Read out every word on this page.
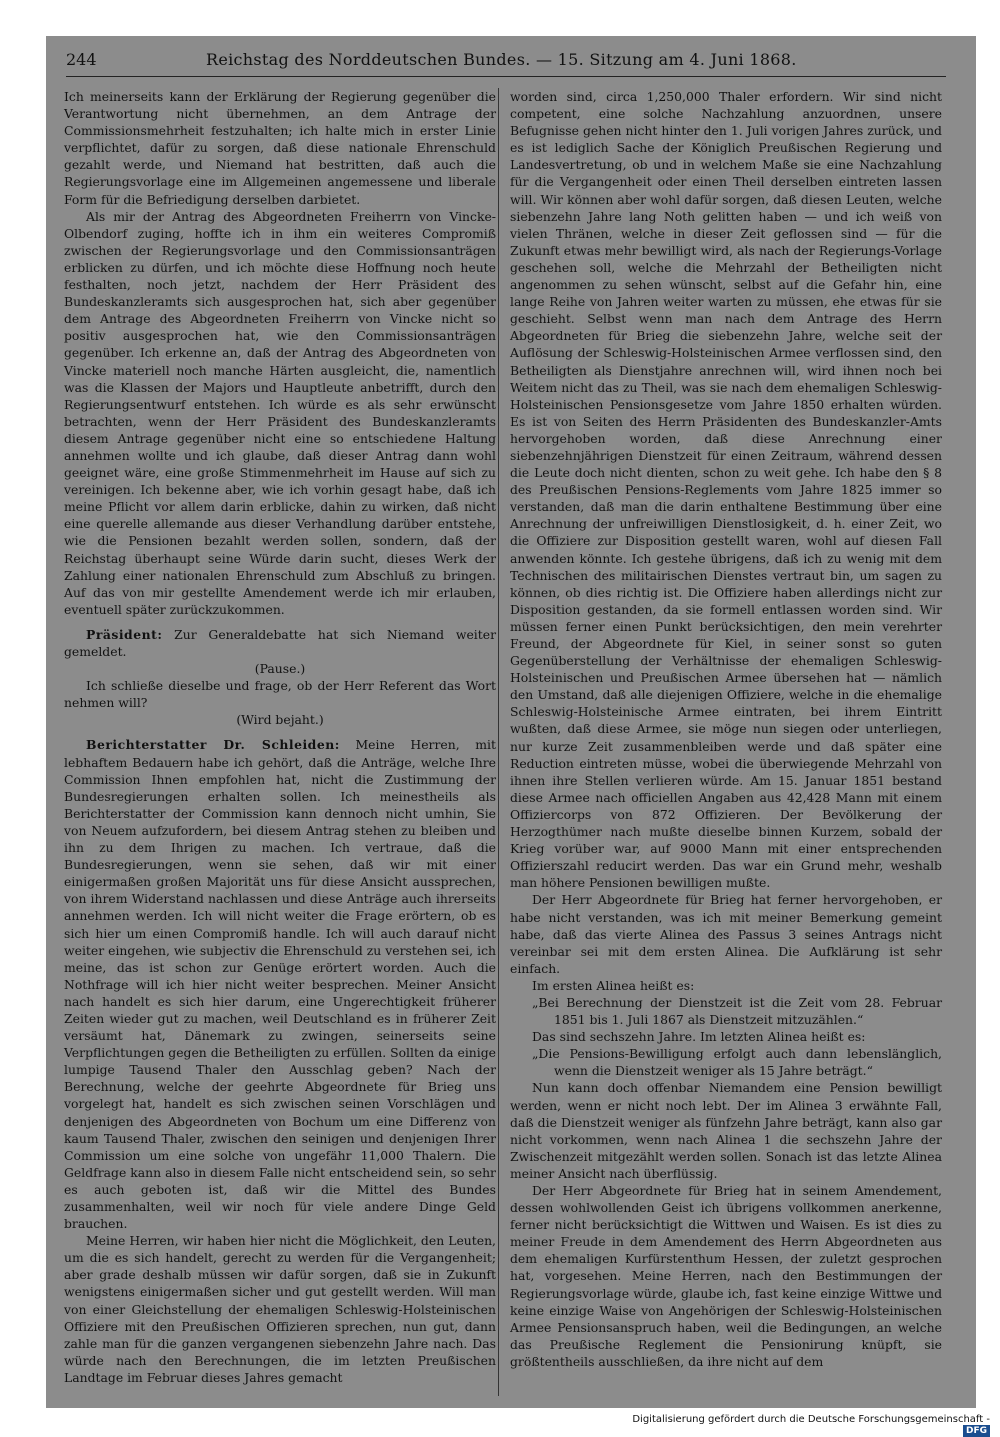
244	Reichstag des Norddeutschen Bundes. — 15. Sitzung am 4. Juni 1868.

Ich meinerseits kann der Erklärung der Regierung gegenüber die Verantwortung nicht übernehmen, an dem Antrage der Commissionsmehrheit festzuhalten; ich halte mich in erster Linie verpflichtet, dafür zu sorgen, daß diese nationale Ehrenschuld gezahlt werde, und Niemand hat bestritten, daß auch die Regierungsvorlage eine im Allgemeinen angemessene und liberale Form für die Befriedigung derselben darbietet.

Als mir der Antrag des Abgeordneten Freiherrn von Vincke-Olbendorf zuging, hoffte ich in ihm ein weiteres Compromiß zwischen der Regierungsvorlage und den Commissionsanträgen erblicken zu dürfen, und ich möchte diese Hoffnung noch heute festhalten, noch jetzt, nachdem der Herr Präsident des Bundeskanzleramts sich ausgesprochen hat, sich aber gegenüber dem Antrage des Abgeordneten Freiherrn von Vincke nicht so positiv ausgesprochen hat, wie den Commissionsanträgen gegenüber. Ich erkenne an, daß der Antrag des Abgeordneten von Vincke materiell noch manche Härten ausgleicht, die, namentlich was die Klassen der Majors und Hauptleute anbetrifft, durch den Regierungsentwurf entstehen. Ich würde es als sehr erwünscht betrachten, wenn der Herr Präsident des Bundeskanzleramts diesem Antrage gegenüber nicht eine so entschiedene Haltung annehmen wollte und ich glaube, daß dieser Antrag dann wohl geeignet wäre, eine große Stimmenmehrheit im Hause auf sich zu vereinigen. Ich bekenne aber, wie ich vorhin gesagt habe, daß ich meine Pflicht vor allem darin erblicke, dahin zu wirken, daß nicht eine querelle allemande aus dieser Verhandlung darüber entstehe, wie die Pensionen bezahlt werden sollen, sondern, daß der Reichstag überhaupt seine Würde darin sucht, dieses Werk der Zahlung einer nationalen Ehrenschuld zum Abschluß zu bringen. Auf das von mir gestellte Amendement werde ich mir erlauben, eventuell später zurückzukommen.

Präsident: Zur Generaldebatte hat sich Niemand weiter gemeldet.

(Pause.)

Ich schließe dieselbe und frage, ob der Herr Referent das Wort nehmen will?

(Wird bejaht.)

Berichterstatter Dr. Schleiden: Meine Herren, mit lebhaftem Bedauern habe ich gehört, daß die Anträge, welche Ihre Commission Ihnen empfohlen hat, nicht die Zustimmung der Bundesregierungen erhalten sollen. Ich meinestheils als Berichterstatter der Commission kann dennoch nicht umhin, Sie von Neuem aufzufordern, bei diesem Antrag stehen zu bleiben und ihn zu dem Ihrigen zu machen. Ich vertraue, daß die Bundesregierungen, wenn sie sehen, daß wir mit einer einigermaßen großen Majorität uns für diese Ansicht aussprechen, von ihrem Widerstand nachlassen und diese Anträge auch ihrerseits annehmen werden. Ich will nicht weiter die Frage erörtern, ob es sich hier um einen Compromiß handle. Ich will auch darauf nicht weiter eingehen, wie subjectiv die Ehrenschuld zu verstehen sei, ich meine, das ist schon zur Genüge erörtert worden. Auch die Nothfrage will ich hier nicht weiter besprechen. Meiner Ansicht nach handelt es sich hier darum, eine Ungerechtigkeit früherer Zeiten wieder gut zu machen, weil Deutschland es in früherer Zeit versäumt hat, Dänemark zu zwingen, seinerseits seine Verpflichtungen gegen die Betheiligten zu erfüllen. Sollten da einige lumpige Tausend Thaler den Ausschlag geben? Nach der Berechnung, welche der geehrte Abgeordnete für Brieg uns vorgelegt hat, handelt es sich zwischen seinen Vorschlägen und denjenigen des Abgeordneten von Bochum um eine Differenz von kaum Tausend Thaler, zwischen den seinigen und denjenigen Ihrer Commission um eine solche von ungefähr 11,000 Thalern. Die Geldfrage kann also in diesem Falle nicht entscheidend sein, so sehr es auch geboten ist, daß wir die Mittel des Bundes zusammenhalten, weil wir noch für viele andere Dinge Geld brauchen.

Meine Herren, wir haben hier nicht die Möglichkeit, den Leuten, um die es sich handelt, gerecht zu werden für die Vergangenheit; aber grade deshalb müssen wir dafür sorgen, daß sie in Zukunft wenigstens einigermaßen sicher und gut gestellt werden. Will man von einer Gleichstellung der ehemaligen Schleswig-Holsteinischen Offiziere mit den Preußischen Offizieren sprechen, nun gut, dann zahle man für die ganzen vergangenen siebenzehn Jahre nach. Das würde nach den Berechnungen, die im letzten Preußischen Landtage im Februar dieses Jahres gemacht

worden sind, circa 1,250,000 Thaler erfordern. Wir sind nicht competent, eine solche Nachzahlung anzuordnen, unsere Befugnisse gehen nicht hinter den 1. Juli vorigen Jahres zurück, und es ist lediglich Sache der Königlich Preußischen Regierung und Landesvertretung, ob und in welchem Maße sie eine Nachzahlung für die Vergangenheit oder einen Theil derselben eintreten lassen will. Wir können aber wohl dafür sorgen, daß diesen Leuten, welche siebenzehn Jahre lang Noth gelitten haben — und ich weiß von vielen Thränen, welche in dieser Zeit geflossen sind — für die Zukunft etwas mehr bewilligt wird, als nach der Regierungs-Vorlage geschehen soll, welche die Mehrzahl der Betheiligten nicht angenommen zu sehen wünscht, selbst auf die Gefahr hin, eine lange Reihe von Jahren weiter warten zu müssen, ehe etwas für sie geschieht. Selbst wenn man nach dem Antrage des Herrn Abgeordneten für Brieg die siebenzehn Jahre, welche seit der Auflösung der Schleswig-Holsteinischen Armee verflossen sind, den Betheiligten als Dienstjahre anrechnen will, wird ihnen noch bei Weitem nicht das zu Theil, was sie nach dem ehemaligen Schleswig-Holsteinischen Pensionsgesetze vom Jahre 1850 erhalten würden. Es ist von Seiten des Herrn Präsidenten des Bundeskanzler-Amts hervorgehoben worden, daß diese Anrechnung einer siebenzehnjährigen Dienstzeit für einen Zeitraum, während dessen die Leute doch nicht dienten, schon zu weit gehe. Ich habe den § 8 des Preußischen Pensions-Reglements vom Jahre 1825 immer so verstanden, daß man die darin enthaltene Bestimmung über eine Anrechnung der unfreiwilligen Dienstlosigkeit, d. h. einer Zeit, wo die Offiziere zur Disposition gestellt waren, wohl auf diesen Fall anwenden könnte. Ich gestehe übrigens, daß ich zu wenig mit dem Technischen des militairischen Dienstes vertraut bin, um sagen zu können, ob dies richtig ist. Die Offiziere haben allerdings nicht zur Disposition gestanden, da sie formell entlassen worden sind. Wir müssen ferner einen Punkt berücksichtigen, den mein verehrter Freund, der Abgeordnete für Kiel, in seiner sonst so guten Gegenüberstellung der Verhältnisse der ehemaligen Schleswig-Holsteinischen und Preußischen Armee übersehen hat — nämlich den Umstand, daß alle diejenigen Offiziere, welche in die ehemalige Schleswig-Holsteinische Armee eintraten, bei ihrem Eintritt wußten, daß diese Armee, sie möge nun siegen oder unterliegen, nur kurze Zeit zusammenbleiben werde und daß später eine Reduction eintreten müsse, wobei die überwiegende Mehrzahl von ihnen ihre Stellen verlieren würde. Am 15. Januar 1851 bestand diese Armee nach officiellen Angaben aus 42,428 Mann mit einem Offiziercorps von 872 Offizieren. Der Bevölkerung der Herzogthümer nach mußte dieselbe binnen Kurzem, sobald der Krieg vorüber war, auf 9000 Mann mit einer entsprechenden Offizierszahl reducirt werden. Das war ein Grund mehr, weshalb man höhere Pensionen bewilligen mußte.

Der Herr Abgeordnete für Brieg hat ferner hervorgehoben, er habe nicht verstanden, was ich mit meiner Bemerkung gemeint habe, daß das vierte Alinea des Passus 3 seines Antrags nicht vereinbar sei mit dem ersten Alinea. Die Aufklärung ist sehr einfach.

Im ersten Alinea heißt es:

„Bei Berechnung der Dienstzeit ist die Zeit vom 28. Februar 1851 bis 1. Juli 1867 als Dienstzeit mitzuzählen.“

Das sind sechszehn Jahre. Im letzten Alinea heißt es:

„Die Pensions-Bewilligung erfolgt auch dann lebenslänglich, wenn die Dienstzeit weniger als 15 Jahre beträgt.“

Nun kann doch offenbar Niemandem eine Pension bewilligt werden, wenn er nicht noch lebt. Der im Alinea 3 erwähnte Fall, daß die Dienstzeit weniger als fünfzehn Jahre beträgt, kann also gar nicht vorkommen, wenn nach Alinea 1 die sechszehn Jahre der Zwischenzeit mitgezählt werden sollen. Sonach ist das letzte Alinea meiner Ansicht nach überflüssig.

Der Herr Abgeordnete für Brieg hat in seinem Amendement, dessen wohlwollenden Geist ich übrigens vollkommen anerkenne, ferner nicht berücksichtigt die Wittwen und Waisen. Es ist dies zu meiner Freude in dem Amendement des Herrn Abgeordneten aus dem ehemaligen Kurfürstenthum Hessen, der zuletzt gesprochen hat, vorgesehen. Meine Herren, nach den Bestimmungen der Regierungsvorlage würde, glaube ich, fast keine einzige Wittwe und keine einzige Waise von Angehörigen der Schleswig-Holsteinischen Armee Pensionsanspruch haben, weil die Bedingungen, an welche das Preußische Reglement die Pensionirung knüpft, sie größtentheils ausschließen, da ihre nicht auf dem

Digitalisierung gefördert durch die Deutsche Forschungsgemeinschaft -DFG
